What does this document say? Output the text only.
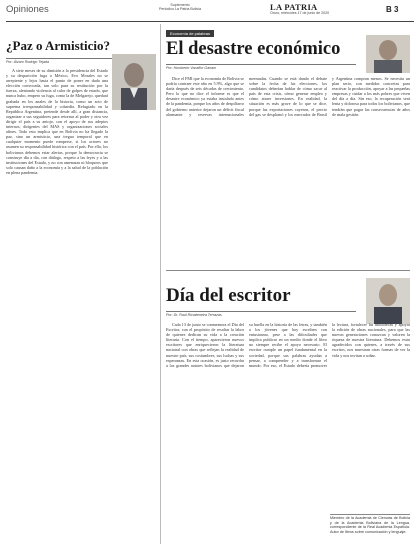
Opiniones	Suplemento
Periódico La Patria Bolivia	LA PATRIA
Oruro, miércoles 17 de junio de 2020	B 3
¿Paz o Armisticio?
Por: Álvaro Rodrigo Tejada

A siete meses de su dimisión a la presidencia del Estado y su desparición fuga a México, Evo Morales no se arrepiente y lejos hasta el punto de poner en duda una elección convocada, tan solo para su restitución por la fuerza, alentando violencia al calor de golpes de estado, que nunca hubo, empero su fuga, como la de Melgarejo, quedará grabada en los anales de la historia, como un acto de suprema irresponsabilidad y cobardía. Refugiado en la República Argentina, pretende desde allí, a gran distancia, organizar a sus seguidores para retornar al poder y otra vez dirigir el país a su antojo, con el apoyo de sus adeptos internos, dirigentes del MAS y organizaciones sociales afines. Todo esto implica que en Bolivia no ha llegado la paz, sino un armisticio, una tregua temporal que en cualquier momento puede romperse, si los actores no asumen su responsabilidad histórica con el país. Por ello, los bolivianos debemos estar alertas, porque la democracia se construye día a día, con diálogo, respeto a las leyes y a las instituciones del Estado, y no con amenazas ni bloqueos que solo causan daño a la economía y a la salud de la población en plena pandemia.

Economía de palabras
El desastre económico
Por: Humberto Vacaflor Ganam

Dice el FMI que la economía de Bolivia se podría contraer este año en 5.9%, algo que se daría después de seis décadas de crecimiento. Pero lo que no dice el informe es que el desastre económico ya estaba instalado antes de la pandemia, porque los años de despilfarro del gobierno anterior dejaron un déficit fiscal alarmante y reservas internacionales mermadas. Cuando se está dando el debate sobre la fecha de las elecciones, los candidatos deberían hablar de cómo sacar al país de esta crisis, cómo generar empleo y cómo atraer inversiones. En realidad, la situación es más grave de lo que se dice, porque las exportaciones cayeron, el precio del gas se desplomó y los mercados de Brasil y Argentina compran menos. Se necesita un plan serio, con medidas concretas para reactivar la producción, apoyar a las pequeñas empresas y cuidar a los más pobres que viven del día a día. Sin eso, la recuperación será lenta y dolorosa para todos los bolivianos, que tendrán que pagar las consecuencias de años de mala gestión.

Día del escritor
Por: Dr. Raúl Rivadeneira Terrazas

Cada 13 de junio se conmemora el Día del Escritor, con el propósito de resaltar la labor de quienes dedican su vida a la creación literaria. Con el tiempo, aparecieron nuevos escritores que enriquecieron la literatura nacional con obras que reflejan la realidad de nuestro país, sus costumbres, sus luchas y sus esperanzas. En esta ocasión, es justo recordar a los grandes autores bolivianos que dejaron su huella en la historia de las letras, y también a los jóvenes que hoy escriben con entusiasmo, pese a las dificultades que implica publicar en un medio donde el libro no siempre recibe el apoyo necesario. El escritor cumple un papel fundamental en la sociedad, porque sus palabras ayudan a pensar, a comprender y a transformar el mundo. Por eso, el Estado debería promover la lectura, fortalecer las bibliotecas y apoyar la edición de obras nacionales, para que las nuevas generaciones conozcan y valoren la riqueza de nuestra literatura. Debemos estar agradecidos con quienes, a través de sus escritos, nos muestran otras formas de ver la vida y nos invitan a soñar.

Miembro de la Academia de Ciencias de Bolivia y de la Academia Boliviana de la Lengua, correspondiente de la Real Academia Española. Autor de libros sobre comunicación y lenguaje.
